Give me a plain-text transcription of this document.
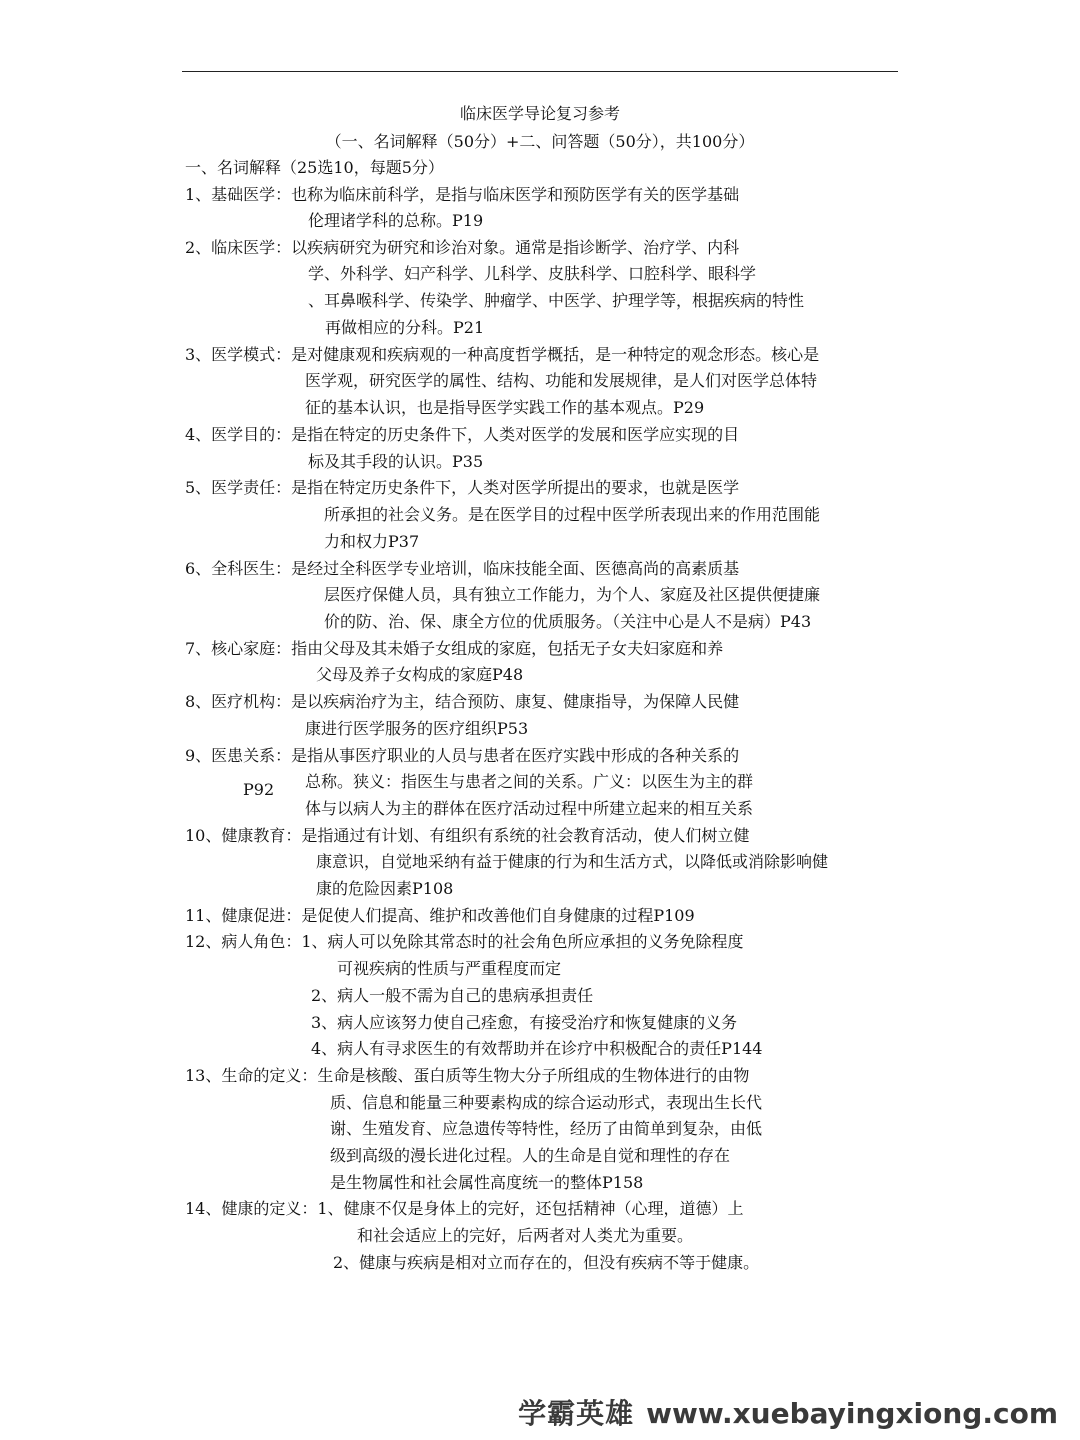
临床医学导论复习参考
（一、名词解释（50分）+二、问答题（50分），共100分）
一、名词解释（25选10，每题5分）
1、基础医学：也称为临床前科学，是指与临床医学和预防医学有关的医学基础
伦理诸学科的总称。P19
2、临床医学：以疾病研究为研究和诊治对象。通常是指诊断学、治疗学、内科
学、外科学、妇产科学、儿科学、皮肤科学、口腔科学、眼科学
、耳鼻喉科学、传染学、肿瘤学、中医学、护理学等，根据疾病的特性
再做相应的分科。P21
3、医学模式：是对健康观和疾病观的一种高度哲学概括，是一种特定的观念形态。核心是
医学观，研究医学的属性、结构、功能和发展规律，是人们对医学总体特
征的基本认识，也是指导医学实践工作的基本观点。P29
4、医学目的：是指在特定的历史条件下，人类对医学的发展和医学应实现的目
标及其手段的认识。P35
5、医学责任：是指在特定历史条件下，人类对医学所提出的要求，也就是医学
所承担的社会义务。是在医学目的过程中医学所表现出来的作用范围能
力和权力P37
6、全科医生：是经过全科医学专业培训，临床技能全面、医德高尚的高素质基
层医疗保健人员，具有独立工作能力，为个人、家庭及社区提供便捷廉
价的防、治、保、康全方位的优质服务。（关注中心是人不是病）P43
7、核心家庭：指由父母及其未婚子女组成的家庭，包括无子女夫妇家庭和养
父母及养子女构成的家庭P48
8、医疗机构：是以疾病治疗为主，结合预防、康复、健康指导，为保障人民健
康进行医学服务的医疗组织P53
9、医患关系：是指从事医疗职业的人员与患者在医疗实践中形成的各种关系的
总称。狭义：指医生与患者之间的关系。广义：以医生为主的群
P92
体与以病人为主的群体在医疗活动过程中所建立起来的相互关系
10、健康教育：是指通过有计划、有组织有系统的社会教育活动，使人们树立健
康意识，自觉地采纳有益于健康的行为和生活方式，以降低或消除影响健
康的危险因素P108
11、健康促进：是促使人们提高、维护和改善他们自身健康的过程P109
12、病人角色：1、病人可以免除其常态时的社会角色所应承担的义务免除程度
可视疾病的性质与严重程度而定
2、病人一般不需为自己的患病承担责任
3、病人应该努力使自己痊愈，有接受治疗和恢复健康的义务
4、病人有寻求医生的有效帮助并在诊疗中积极配合的责任P144
13、生命的定义：生命是核酸、蛋白质等生物大分子所组成的生物体进行的由物
质、信息和能量三种要素构成的综合运动形式，表现出生长代
谢、生殖发育、应急遗传等特性，经历了由简单到复杂，由低
级到高级的漫长进化过程。人的生命是自觉和理性的存在
是生物属性和社会属性高度统一的整体P158
14、健康的定义：1、健康不仅是身体上的完好，还包括精神（心理，道德）上
和社会适应上的完好，后两者对人类尤为重要。
2、健康与疾病是相对立而存在的，但没有疾病不等于健康。
学霸英雄 www.xuebayingxiong.com
